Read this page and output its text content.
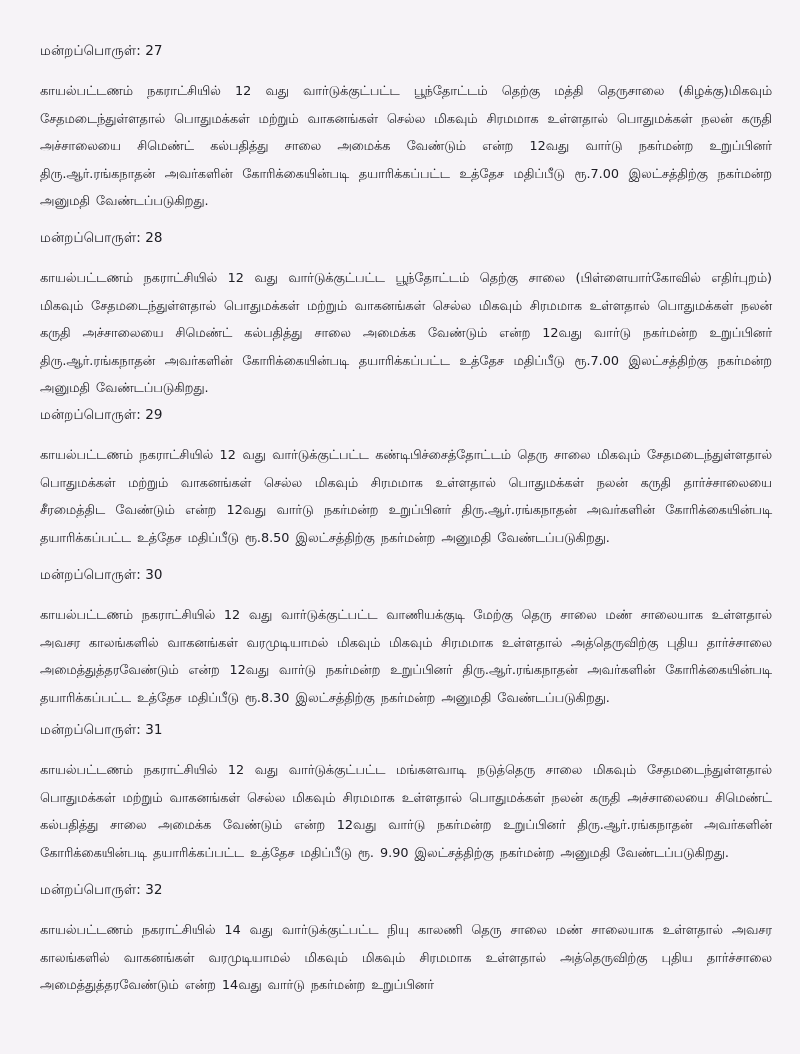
மன்றப்பொருள்: 27

காயல்பட்டணம் நகராட்சியில் 12 வது வார்டுக்குட்பட்ட பூந்தோட்டம் தெற்கு மத்தி தெருசாலை (கிழக்கு)மிகவும் சேதமடைந்துள்ளதால் பொதுமக்கள் மற்றும் வாகனங்கள் செல்ல மிகவும் சிரமமாக உள்ளதால் பொதுமக்கள் நலன் கருதி அச்சாலையை சிமெண்ட் கல்பதித்து சாலை அமைக்க வேண்டும் என்ற 12வது வார்டு நகர்மன்ற உறுப்பினர் திரு.ஆர்.ரங்கநாதன் அவர்களின் கோரிக்கையின்படி தயாரிக்கப்பட்ட உத்தேச மதிப்பீடு ரூ.7.00 இலட்சத்திற்கு நகர்மன்ற அனுமதி வேண்டப்படுகிறது.

மன்றப்பொருள்: 28

காயல்பட்டணம் நகராட்சியில் 12 வது வார்டுக்குட்பட்ட பூந்தோட்டம் தெற்கு சாலை (பிள்ளையார்கோவில் எதிர்புறம்) மிகவும் சேதமடைந்துள்ளதால் பொதுமக்கள் மற்றும் வாகனங்கள் செல்ல மிகவும் சிரமமாக உள்ளதால் பொதுமக்கள் நலன் கருதி அச்சாலையை சிமெண்ட் கல்பதித்து சாலை அமைக்க வேண்டும் என்ற 12வது வார்டு நகர்மன்ற உறுப்பினர் திரு.ஆர்.ரங்கநாதன் அவர்களின் கோரிக்கையின்படி தயாரிக்கப்பட்ட உத்தேச மதிப்பீடு ரூ.7.00 இலட்சத்திற்கு நகர்மன்ற அனுமதி வேண்டப்படுகிறது.

மன்றப்பொருள்: 29

காயல்பட்டணம் நகராட்சியில் 12 வது வார்டுக்குட்பட்ட கண்டிபிச்சைத்தோட்டம் தெரு சாலை மிகவும் சேதமடைந்துள்ளதால் பொதுமக்கள் மற்றும் வாகனங்கள் செல்ல மிகவும் சிரமமாக உள்ளதால் பொதுமக்கள் நலன் கருதி தார்ச்சாலையை சீரமைத்திட வேண்டும் என்ற 12வது வார்டு நகர்மன்ற உறுப்பினர் திரு.ஆர்.ரங்கநாதன் அவர்களின் கோரிக்கையின்படி தயாரிக்கப்பட்ட உத்தேச மதிப்பீடு ரூ.8.50 இலட்சத்திற்கு நகர்மன்ற அனுமதி வேண்டப்படுகிறது.

மன்றப்பொருள்: 30

காயல்பட்டணம் நகராட்சியில் 12 வது வார்டுக்குட்பட்ட வாணியக்குடி மேற்கு தெரு சாலை மண் சாலையாக உள்ளதால் அவசர காலங்களில் வாகனங்கள் வரமுடியாமல் மிகவும் மிகவும் சிரமமாக உள்ளதால் அத்தெருவிற்கு புதிய தார்ச்சாலை அமைத்துத்தரவேண்டும் என்ற 12வது வார்டு நகர்மன்ற உறுப்பினர் திரு.ஆர்.ரங்கநாதன் அவர்களின் கோரிக்கையின்படி தயாரிக்கப்பட்ட உத்தேச மதிப்பீடு ரூ.8.30 இலட்சத்திற்கு நகர்மன்ற அனுமதி வேண்டப்படுகிறது.

மன்றப்பொருள்: 31

காயல்பட்டணம் நகராட்சியில் 12 வது வார்டுக்குட்பட்ட மங்களவாடி நடுத்தெரு சாலை மிகவும் சேதமடைந்துள்ளதால் பொதுமக்கள் மற்றும் வாகனங்கள் செல்ல மிகவும் சிரமமாக உள்ளதால் பொதுமக்கள் நலன் கருதி அச்சாலையை சிமெண்ட் கல்பதித்து சாலை அமைக்க வேண்டும் என்ற 12வது வார்டு நகர்மன்ற உறுப்பினர் திரு.ஆர்.ரங்கநாதன் அவர்களின் கோரிக்கையின்படி தயாரிக்கப்பட்ட உத்தேச மதிப்பீடு ரூ. 9.90 இலட்சத்திற்கு நகர்மன்ற அனுமதி வேண்டப்படுகிறது.

மன்றப்பொருள்: 32

காயல்பட்டணம் நகராட்சியில் 14 வது வார்டுக்குட்பட்ட நியு காலணி தெரு சாலை மண் சாலையாக உள்ளதால் அவசர காலங்களில் வாகனங்கள் வரமுடியாமல் மிகவும் மிகவும் சிரமமாக உள்ளதால் அத்தெருவிற்கு புதிய தார்ச்சாலை அமைத்துத்தரவேண்டும் என்ற 14வது வார்டு நகர்மன்ற உறுப்பினர்
